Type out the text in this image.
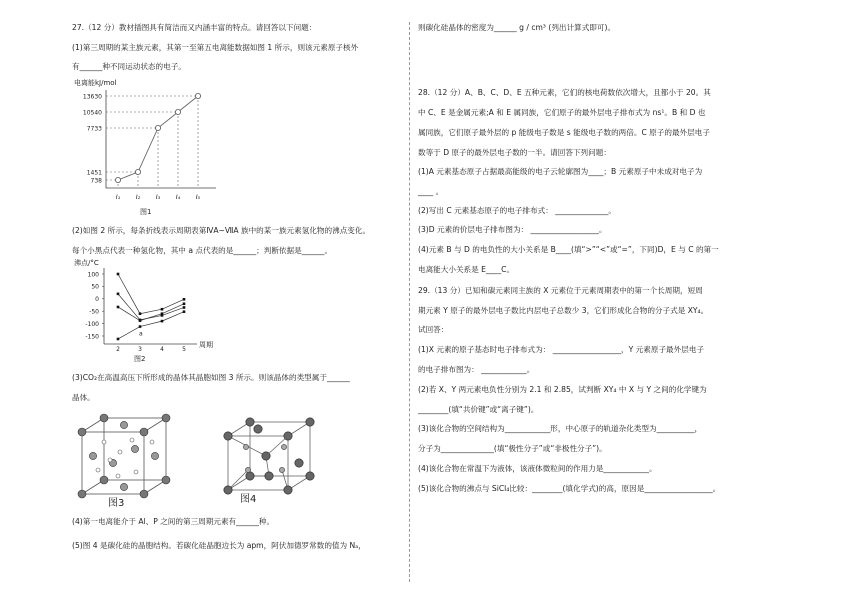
27.（12 分）教材插图具有简洁而又内涵丰富的特点。请回答以下问题：
(1)第三周期的某主族元素，其第一至第五电离能数据如图 1 所示，则该元素原子核外
有______种不同运动状态的电子。
电离能kJ/mol
13630
10540
7733
1451
738
I₁ I₂ I₃ I₄ I₅
图1
(2)如图 2 所示，每条折线表示周期表第ⅣA~ⅦA 族中的某一族元素氢化物的沸点变化。
每个小黑点代表一种氢化物，其中 a 点代表的是______；判断依据是______。
沸点/°C
周期
100
50
0
-50
-100
-150
2	3	4	5
a
图2
(3)CO₂在高温高压下所形成的晶体其晶胞如图 3 所示。则该晶体的类型属于______
晶体。
图3	图4
(4)第一电离能介于 Al、P 之间的第三周期元素有______种。
(5)图 4 是碳化硅的晶胞结构。若碳化硅晶胞边长为 apm，阿伏加德罗常数的值为 Nₐ，
则碳化硅晶体的密度为______ g / cm³ (列出计算式即可)。
28.（12 分）A、B、C、D、E 五种元素，它们的核电荷数依次增大，且都小于 20。其
中 C、E 是金属元素;A 和 E 属同族，它们原子的最外层电子排布式为 ns¹。B 和 D 也
属同族，它们原子最外层的 p 能级电子数是 s 能级电子数的两倍。C 原子的最外层电子
数等于 D 原子的最外层电子数的一半。请回答下列问题：
(1)A 元素基态原子占据最高能级的电子云轮廓图为____；B 元素原子中未成对电子为
____ 。
(2)写出 C 元素基态原子的电子排布式： ______________。
(3)D 元素的价层电子排布图为： __________________。
(4)元素 B 与 D 的电负性的大小关系是 B____(填“>”“<”或“=”，下同)D，E 与 C 的第一
电离能大小关系是 E____C。
29.（13 分）已知和碳元素同主族的 X 元素位于元素周期表中的第一个长周期，短周
期元素 Y 原子的最外层电子数比内层电子总数少 3，它们形成化合物的分子式是 XY₄。
试回答：
(1)X 元素的原子基态时电子排布式为： __________________，Y 元素原子最外层电子
的电子排布图为： ____________。
(2)若 X、Y 两元素电负性分别为 2.1 和 2.85，试判断 XY₄ 中 X 与 Y 之间的化学键为
________(填“共价键”或“离子键”)。
(3)该化合物的空间结构为____________形，中心原子的轨道杂化类型为__________，
分子为______________(填“极性分子”或“非极性分子”)。
(4)该化合物在常温下为液体，该液体微粒间的作用力是____________。
(5)该化合物的沸点与 SiCl₄比较：________(填化学式)的高，原因是__________________。
